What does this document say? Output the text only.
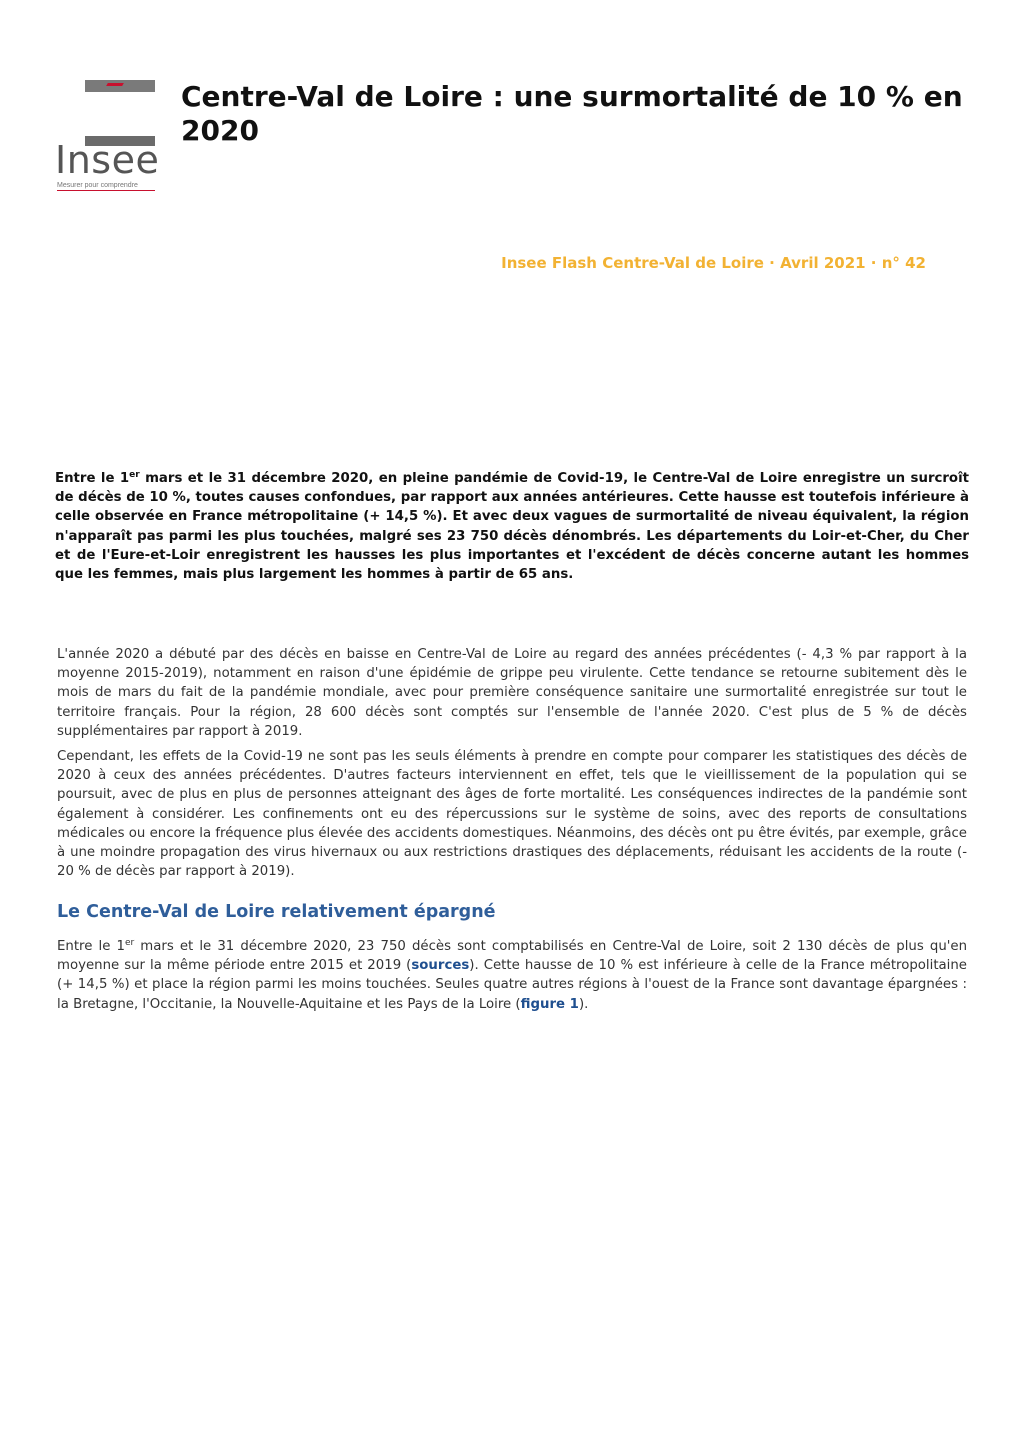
Insee
Mesurer pour comprendre
Centre-Val de Loire : une surmortalité de 10 % en 2020

Insee Flash Centre-Val de Loire · Avril 2021 · n° 42

Entre le 1er mars et le 31 décembre 2020, en pleine pandémie de Covid-19, le Centre-Val de Loire enregistre un surcroît de décès de 10 %, toutes causes confondues, par rapport aux années antérieures. Cette hausse est toutefois inférieure à celle observée en France métropolitaine (+ 14,5 %). Et avec deux vagues de surmortalité de niveau équivalent, la région n'apparaît pas parmi les plus touchées, malgré ses 23 750 décès dénombrés. Les départements du Loir-et-Cher, du Cher et de l'Eure-et-Loir enregistrent les hausses les plus importantes et l'excédent de décès concerne autant les hommes que les femmes, mais plus largement les hommes à partir de 65 ans.

L'année 2020 a débuté par des décès en baisse en Centre-Val de Loire au regard des années précédentes (- 4,3 % par rapport à la moyenne 2015-2019), notamment en raison d'une épidémie de grippe peu virulente. Cette tendance se retourne subitement dès le mois de mars du fait de la pandémie mondiale, avec pour première conséquence sanitaire une surmortalité enregistrée sur tout le territoire français. Pour la région, 28 600 décès sont comptés sur l'ensemble de l'année 2020. C'est plus de 5 % de décès supplémentaires par rapport à 2019.

Cependant, les effets de la Covid-19 ne sont pas les seuls éléments à prendre en compte pour comparer les statistiques des décès de 2020 à ceux des années précédentes. D'autres facteurs interviennent en effet, tels que le vieillissement de la population qui se poursuit, avec de plus en plus de personnes atteignant des âges de forte mortalité. Les conséquences indirectes de la pandémie sont également à considérer. Les confinements ont eu des répercussions sur le système de soins, avec des reports de consultations médicales ou encore la fréquence plus élevée des accidents domestiques. Néanmoins, des décès ont pu être évités, par exemple, grâce à une moindre propagation des virus hivernaux ou aux restrictions drastiques des déplacements, réduisant les accidents de la route (- 20 % de décès par rapport à 2019).

Le Centre-Val de Loire relativement épargné

Entre le 1er mars et le 31 décembre 2020, 23 750 décès sont comptabilisés en Centre-Val de Loire, soit 2 130 décès de plus qu'en moyenne sur la même période entre 2015 et 2019 (sources). Cette hausse de 10 % est inférieure à celle de la France métropolitaine (+ 14,5 %) et place la région parmi les moins touchées. Seules quatre autres régions à l'ouest de la France sont davantage épargnées : la Bretagne, l'Occitanie, la Nouvelle-Aquitaine et les Pays de la Loire (figure 1).
